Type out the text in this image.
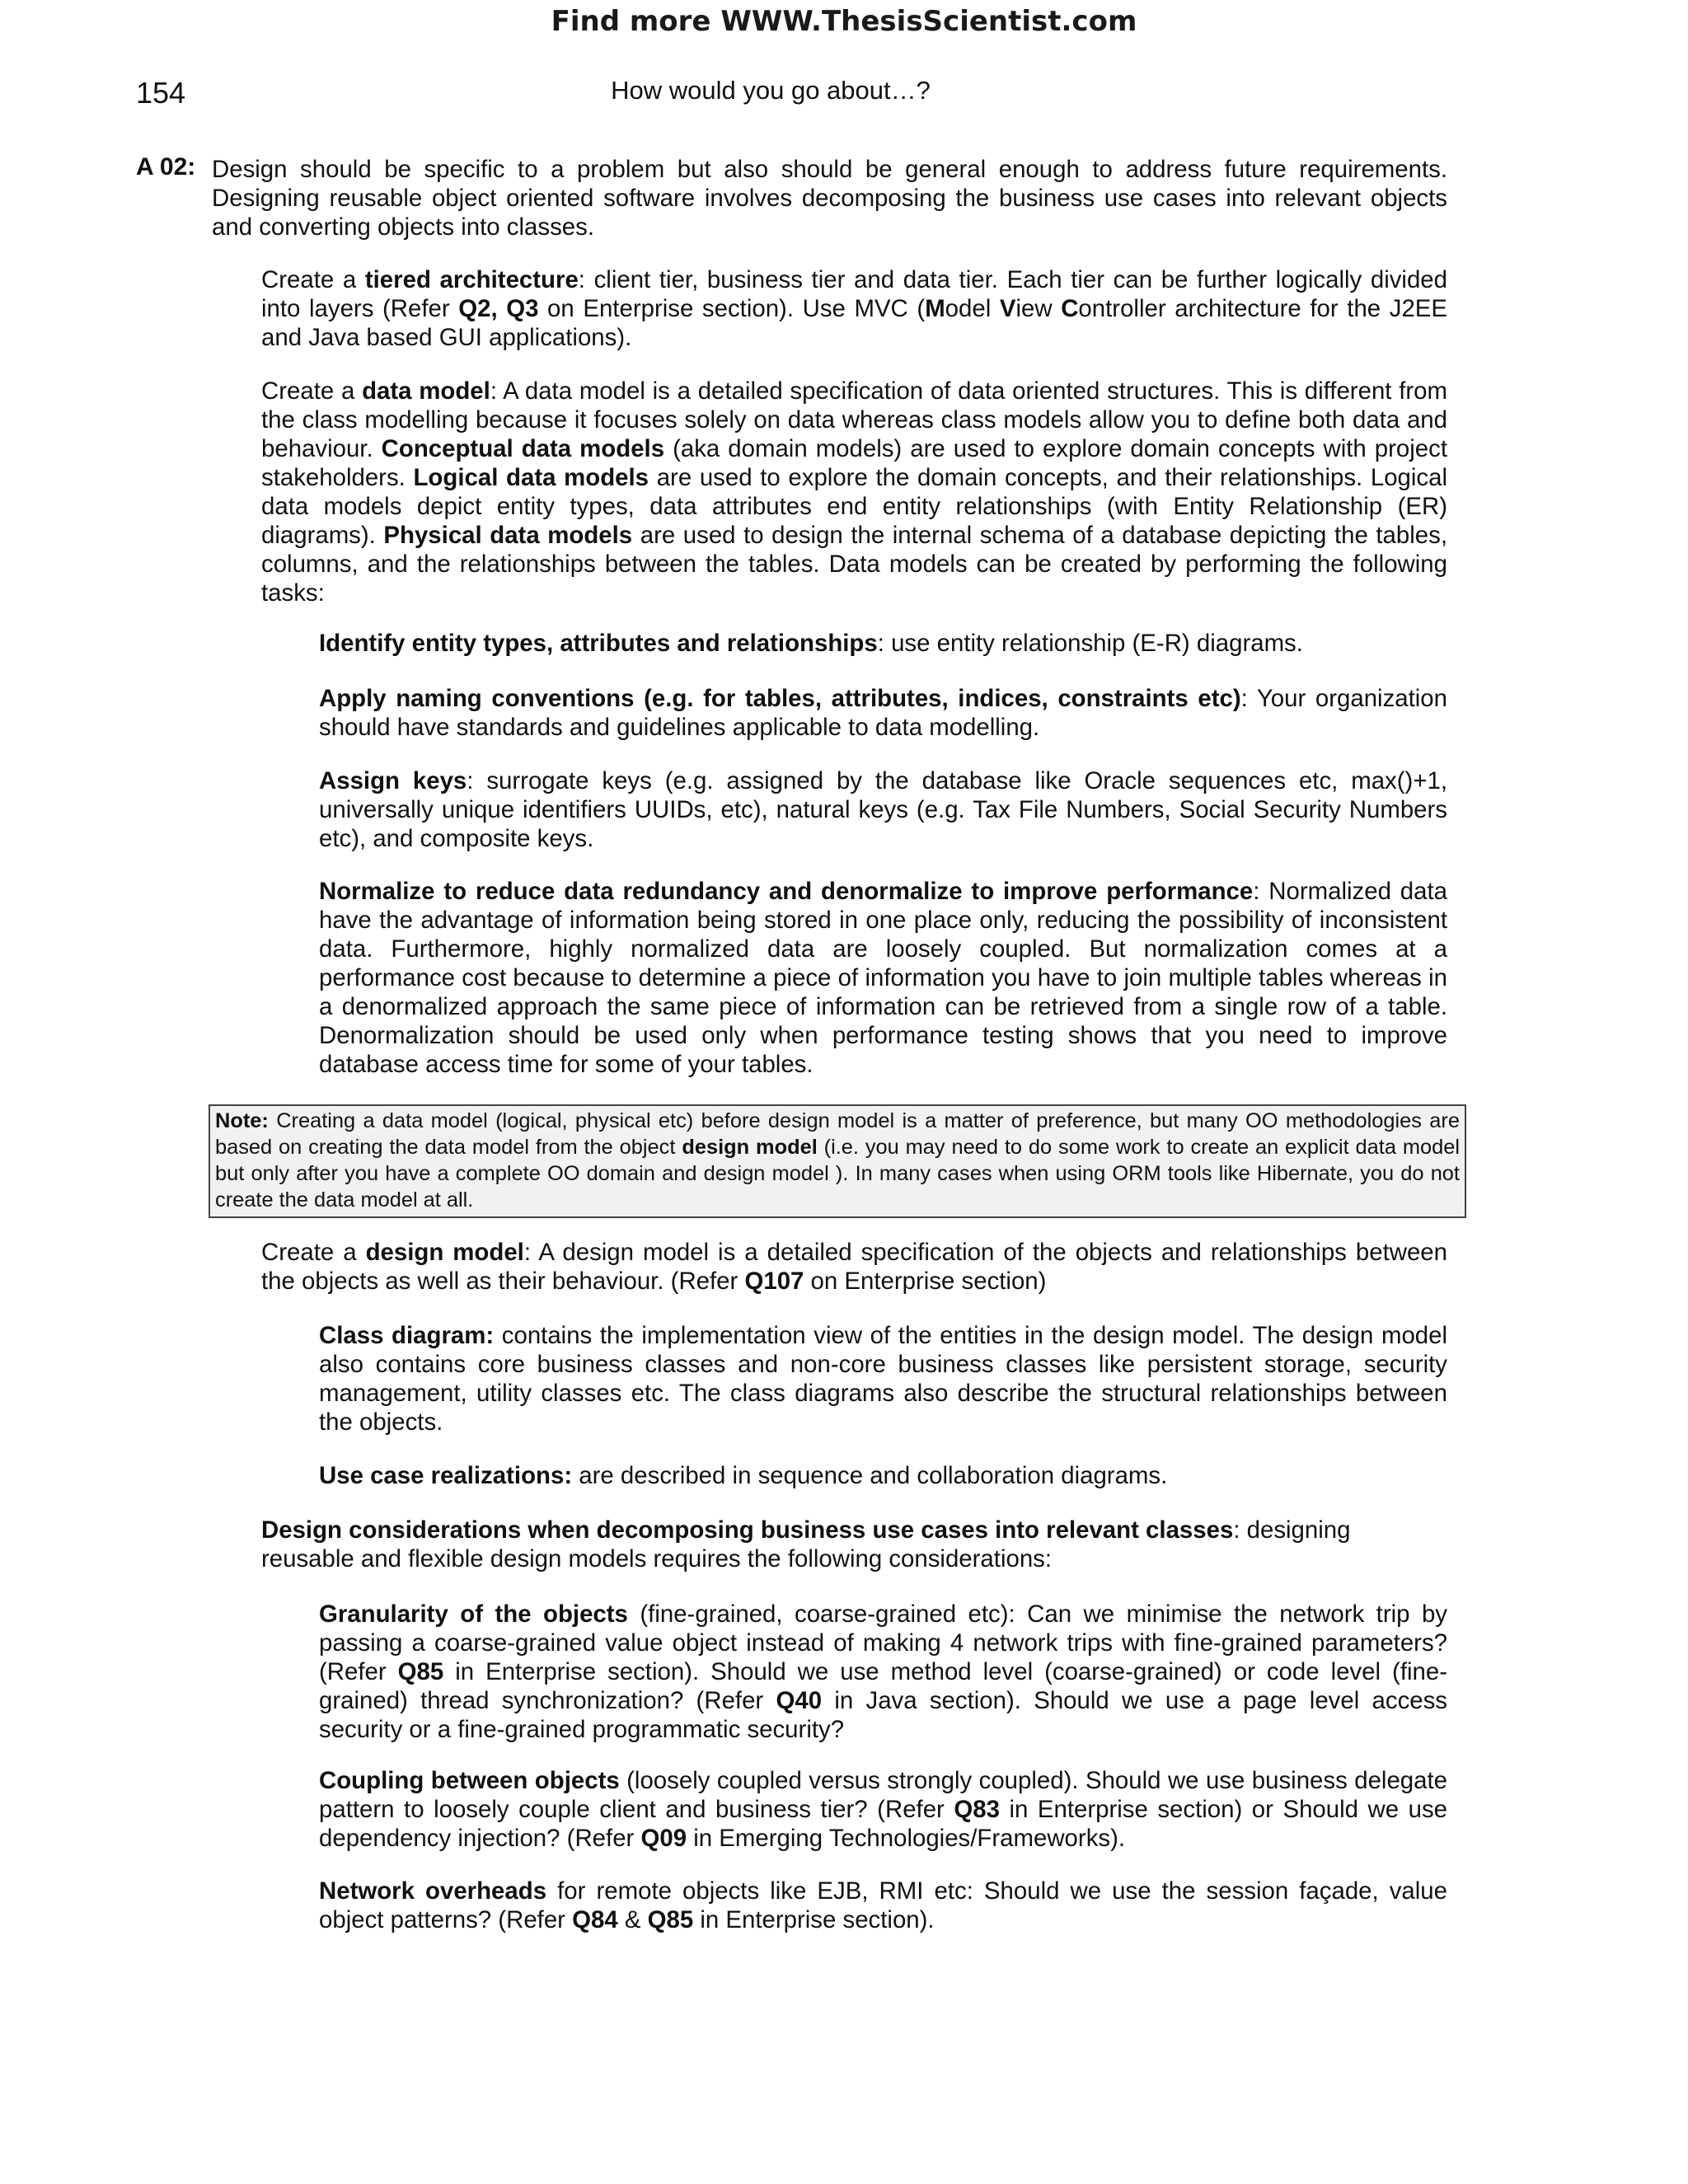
Find more WWW.ThesisScientist.com
154	How would you go about…?
A 02: Design should be specific to a problem but also should be general enough to address future requirements. Designing reusable object oriented software involves decomposing the business use cases into relevant objects and converting objects into classes.
Create a tiered architecture: client tier, business tier and data tier. Each tier can be further logically divided into layers (Refer Q2, Q3 on Enterprise section). Use MVC (Model View Controller architecture for the J2EE and Java based GUI applications).
Create a data model: A data model is a detailed specification of data oriented structures. This is different from the class modelling because it focuses solely on data whereas class models allow you to define both data and behaviour. Conceptual data models (aka domain models) are used to explore domain concepts with project stakeholders. Logical data models are used to explore the domain concepts, and their relationships. Logical data models depict entity types, data attributes end entity relationships (with Entity Relationship (ER) diagrams). Physical data models are used to design the internal schema of a database depicting the tables, columns, and the relationships between the tables. Data models can be created by performing the following tasks:
Identify entity types, attributes and relationships: use entity relationship (E-R) diagrams.
Apply naming conventions (e.g. for tables, attributes, indices, constraints etc): Your organization should have standards and guidelines applicable to data modelling.
Assign keys: surrogate keys (e.g. assigned by the database like Oracle sequences etc, max()+1, universally unique identifiers UUIDs, etc), natural keys (e.g. Tax File Numbers, Social Security Numbers etc), and composite keys.
Normalize to reduce data redundancy and denormalize to improve performance: Normalized data have the advantage of information being stored in one place only, reducing the possibility of inconsistent data. Furthermore, highly normalized data are loosely coupled. But normalization comes at a performance cost because to determine a piece of information you have to join multiple tables whereas in a denormalized approach the same piece of information can be retrieved from a single row of a table. Denormalization should be used only when performance testing shows that you need to improve database access time for some of your tables.
Note: Creating a data model (logical, physical etc) before design model is a matter of preference, but many OO methodologies are based on creating the data model from the object design model (i.e. you may need to do some work to create an explicit data model but only after you have a complete OO domain and design model ). In many cases when using ORM tools like Hibernate, you do not create the data model at all.
Create a design model: A design model is a detailed specification of the objects and relationships between the objects as well as their behaviour. (Refer Q107 on Enterprise section)
Class diagram: contains the implementation view of the entities in the design model. The design model also contains core business classes and non-core business classes like persistent storage, security management, utility classes etc. The class diagrams also describe the structural relationships between the objects.
Use case realizations: are described in sequence and collaboration diagrams.
Design considerations when decomposing business use cases into relevant classes: designing reusable and flexible design models requires the following considerations:
Granularity of the objects (fine-grained, coarse-grained etc): Can we minimise the network trip by passing a coarse-grained value object instead of making 4 network trips with fine-grained parameters? (Refer Q85 in Enterprise section). Should we use method level (coarse-grained) or code level (fine-grained) thread synchronization? (Refer Q40 in Java section). Should we use a page level access security or a fine-grained programmatic security?
Coupling between objects (loosely coupled versus strongly coupled). Should we use business delegate pattern to loosely couple client and business tier? (Refer Q83 in Enterprise section) or Should we use dependency injection? (Refer Q09 in Emerging Technologies/Frameworks).
Network overheads for remote objects like EJB, RMI etc: Should we use the session façade, value object patterns? (Refer Q84 & Q85 in Enterprise section).
